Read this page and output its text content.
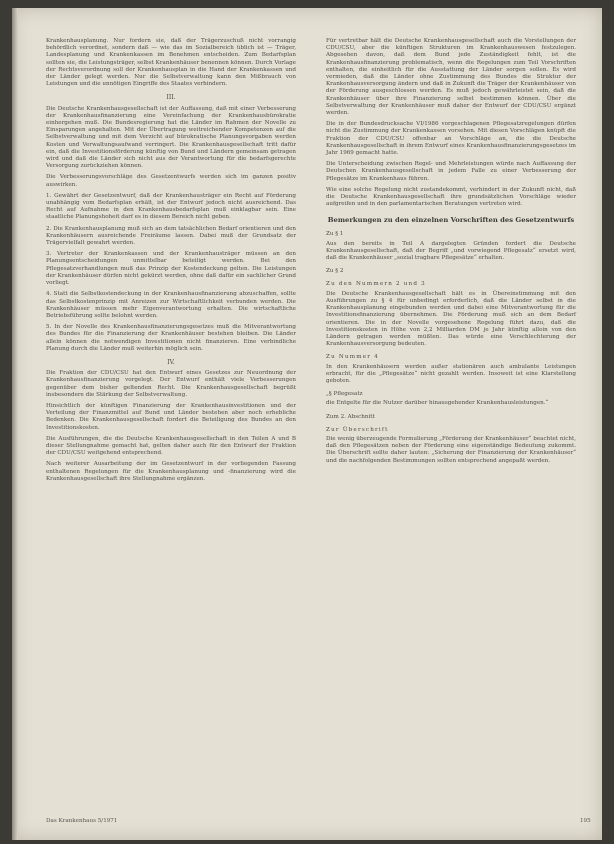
Krankenhausplanung. Nur fordern sie, daß der Trägerzuschuß nicht vorrangig behördlich verordnet, sondern daß — wie das im Sozialbereich üblich ist — Träger, Landesplanung und Krankenkassen im Benehmen entscheiden. Zum Bedarfsplan sollten sie, die Leistungsträger, selbst Krankenhäuser benennen können. Durch Vorlage der Rechtsverordnung soll der Krankenhausplan in die Hand der Krankenkassen und der Länder gelegt werden. Nur die Selbstverwaltung kann den Mißbrauch von Leistungen und die unnötigen Eingriffe des Staates verhindern.

III.

Die Deutsche Krankenhausgesellschaft ist der Auffassung, daß mit einer Verbesserung der Krankenhausfinanzierung eine Vereinfachung der Krankenhausbürokratie einhergehen muß. Die Bundesregierung hat die Länder im Rahmen der Novelle zu Einsparungen angehalten. Mit der Übertragung weitreichender Kompetenzen auf die Selbstverwaltung und mit dem Verzicht auf bürokratische Planungsvorgaben werden Kosten und Verwaltungsaufwand verringert. Die Krankenhausgesellschaft tritt dafür ein, daß die Investitionsförderung künftig von Bund und Ländern gemeinsam getragen wird und daß die Länder sich nicht aus der Verantwortung für die bedarfsgerechte Versorgung zurückziehen können.

Die Verbesserungsvorschläge des Gesetzentwurfs werden sich im ganzen positiv auswirken.

1. Gewährt der Gesetzentwurf, daß der Krankenhausträger ein Recht auf Förderung unabhängig vom Bedarfsplan erhält, ist der Entwurf jedoch nicht ausreichend. Das Recht auf Aufnahme in den Krankenhausbedarfsplan muß einklagbar sein. Eine staatliche Planungshoheit darf es in diesem Bereich nicht geben.

2. Die Krankenhausplanung muß sich an dem tatsächlichen Bedarf orientieren und den Krankenhäusern ausreichende Freiräume lassen. Dabei muß der Grundsatz der Trägervielfalt gewahrt werden.

3. Vertreter der Krankenkassen und der Krankenhausträger müssen an den Planungsentscheidungen unmittelbar beteiligt werden. Bei den Pflegesatzverhandlungen muß das Prinzip der Kostendeckung gelten. Die Leistungen der Krankenhäuser dürfen nicht gekürzt werden, ohne daß dafür ein sachlicher Grund vorliegt.

4. Statt die Selbstkostendeckung in der Krankenhausfinanzierung abzuschaffen, sollte das Selbstkostenprinzip mit Anreizen zur Wirtschaftlichkeit verbunden werden. Die Krankenhäuser müssen mehr Eigenverantwortung erhalten. Die wirtschaftliche Betriebsführung sollte belohnt werden.

5. In der Novelle des Krankenhausfinanzierungsgesetzes muß die Mitverantwortung des Bundes für die Finanzierung der Krankenhäuser bestehen bleiben. Die Länder allein können die notwendigen Investitionen nicht finanzieren. Eine verbindliche Planung durch die Länder muß weiterhin möglich sein.

IV.

Die Fraktion der CDU/CSU hat den Entwurf eines Gesetzes zur Neuordnung der Krankenhausfinanzierung vorgelegt. Der Entwurf enthält viele Verbesserungen gegenüber dem bisher geltenden Recht. Die Krankenhausgesellschaft begrüßt insbesondere die Stärkung der Selbstverwaltung.

Hinsichtlich der künftigen Finanzierung der Krankenhausinvestitionen und der Verteilung der Finanzmittel auf Bund und Länder bestehen aber noch erhebliche Bedenken. Die Krankenhausgesellschaft fordert die Beteiligung des Bundes an den Investitionskosten.

Die Ausführungen, die die Deutsche Krankenhausgesellschaft in den Teilen A und B dieser Stellungnahme gemacht hat, gelten daher auch für den Entwurf der Fraktion der CDU/CSU weitgehend entsprechend.

Nach weiterer Ausarbeitung der im Gesetzentwurf in der vorliegenden Fassung enthaltenen Regelungen für die Krankenhausplanung und -finanzierung wird die Krankenhausgesellschaft ihre Stellungnahme ergänzen.

Für vertretbar hält die Deutsche Krankenhausgesellschaft auch die Vorstellungen der CDU/CSU, aber die künftigen Strukturen im Krankenhauswesen festzulegen. Abgesehen davon, daß dem Bund jede Zuständigkeit fehlt, ist die Krankenhausfinanzierung problematisch, wenn die Regelungen zum Teil Vorschriften enthalten, die einheitlich für die Ausstattung der Länder sorgen sollen. Es wird vermieden, daß die Länder ohne Zustimmung des Bundes die Struktur der Krankenhausversorgung ändern und daß in Zukunft die Träger der Krankenhäuser von der Förderung ausgeschlossen werden. Es muß jedoch gewährleistet sein, daß die Krankenhäuser über ihre Finanzierung selbst bestimmen können. Über die Selbstverwaltung der Krankenhäuser muß daher der Entwurf der CDU/CSU ergänzt werden.

Die in der Bundesdrucksache VI/1986 vorgeschlagenen Pflegesatzregelungen dürfen nicht die Zustimmung der Krankenkassen vorsehen. Mit diesen Vorschlägen knüpft die Fraktion der CDU/CSU offenbar an Vorschläge an, die die Deutsche Krankenhausgesellschaft in ihrem Entwurf eines Krankenhausfinanzierungsgesetzes im Jahr 1969 gemacht hatte.

Die Unterscheidung zwischen Regel- und Mehrleistungen würde nach Auffassung der Deutschen Krankenhausgesellschaft in jedem Falle zu einer Verbesserung der Pflegesätze im Krankenhaus führen.

Wie eine solche Regelung nicht zustandekommt, verhindert in der Zukunft nicht, daß die Deutsche Krankenhausgesellschaft ihre grundsätzlichen Vorschläge wieder aufgreifen und in den parlamentarischen Beratungen vertreten wird.

Bemerkungen zu den einzelnen Vorschriften des Gesetzentwurfs
Zu § 1

Aus den bereits in Teil A dargelegten Gründen fordert die Deutsche Krankenhausgesellschaft, daß der Begriff „und vorwiegend Pflegesatz“ ersetzt wird, daß die Krankenhäuser „sozial tragbare Pflegesätze“ erhalten.

Zu § 2
Zu den Nummern 2 und 3

Die Deutsche Krankenhausgesellschaft hält es in Übereinstimmung mit den Ausführungen zu § 4 für unbedingt erforderlich, daß die Länder selbst in die Krankenhausplanung eingebunden werden und dabei eine Mitverantwortung für die Investitionsfinanzierung übernehmen. Die Förderung muß sich an dem Bedarf orientieren. Die in der Novelle vorgesehene Regelung führt dazu, daß die Investitionskosten in Höhe von 2,2 Milliarden DM je Jahr künftig allein von den Ländern getragen werden müßten. Das würde eine Verschlechterung der Krankenhausversorgung bedeuten.

Zu Nummer 4

In den Krankenhäusern werden außer stationären auch ambulante Leistungen erbracht, für die „Pflegesätze“ nicht gezahlt werden. Insoweit ist eine Klarstellung geboten.

„§ Pflegesatz

die Entgelte für die Nutzer darüber hinausgehender Krankenhausleistungen.“

Zum 2. Abschnitt
Zur Überschrift

Die wenig überzeugende Formulierung „Förderung der Krankenhäuser“ beachtet nicht, daß den Pflegesätzen neben der Förderung eine eigenständige Bedeutung zukommt. Die Überschrift sollte daher lauten: „Sicherung der Finanzierung der Krankenhäuser“ und die nachfolgenden Bestimmungen sollten entsprechend angepaßt werden.

Das Krankenhaus 5/1971	195
